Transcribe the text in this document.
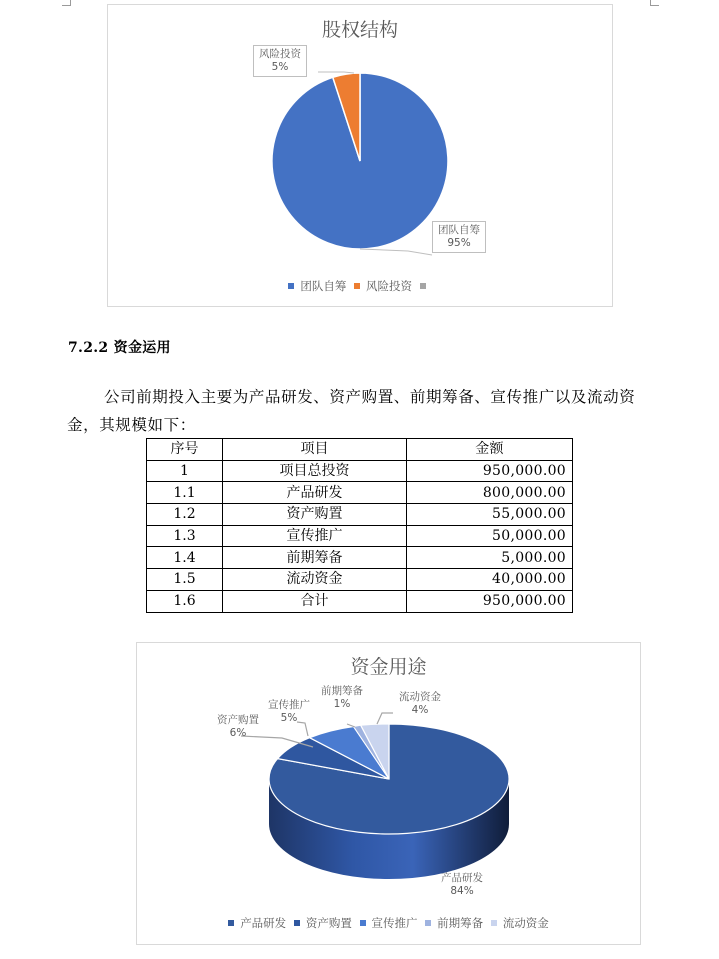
股权结构
风险投资
5%
团队自筹
95%
团队自筹 风险投资
7.2.2 资金运用
公司前期投入主要为产品研发、资产购置、前期筹备、宣传推广以及流动资
金，其规模如下：
序号	项目	金额
1	项目总投资	950,000.00
1.1	产品研发	800,000.00
1.2	资产购置	55,000.00
1.3	宣传推广	50,000.00
1.4	前期筹备	5,000.00
1.5	流动资金	40,000.00
1.6	合计	950,000.00
资金用途
资产购置
6%
宣传推广
5%
前期筹备
1%
流动资金
4%
产品研发
84%
产品研发 资产购置 宣传推广 前期筹备 流动资金
